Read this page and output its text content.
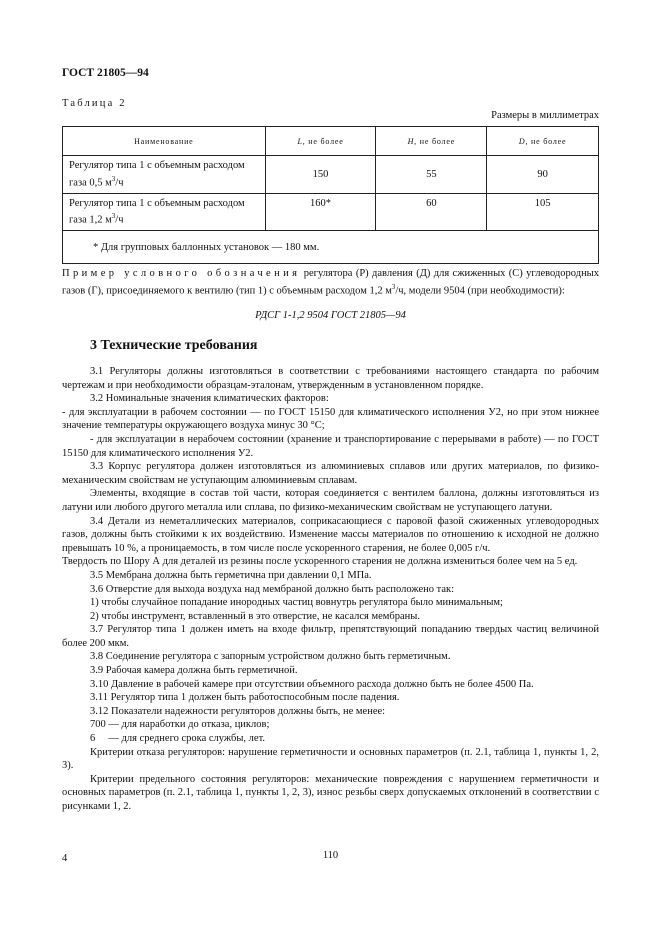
ГОСТ 21805—94
Таблица 2
Размеры в миллиметрах
Наименование	L, не более	H, не более	D, не более
Регулятор типа 1 с объемным расходом газа 0,5 $м^3/ч$	150	55	90
Регулятор типа 1 с объемным расходом газа 1,2 $м^3/ч$	160*	60	105
* Для групповых баллонных установок — 180 мм.			
Пример условного обозначения регулятора (Р) давления (Д) для сжиженных (С) углеводородных газов (Г), присоединяемого к вентилю (тип 1) с объемным расходом 1,2 $м^3/ч$, модели 9504 (при необходимости):
РДСГ 1-1,2 9504 ГОСТ 21805—94
3 Технические требования

3.1 Регуляторы должны изготовляться в соответствии с требованиями настоящего стандарта по рабочим чертежам и при необходимости образцам-эталонам, утвержденным в установленном порядке.

3.2 Номинальные значения климатических факторов:

- для эксплуатации в рабочем состоянии — по ГОСТ 15150 для климатического исполнения У2, но при этом нижнее значение температуры окружающего воздуха минус 30 °С;

- для эксплуатации в нерабочем состоянии (хранение и транспортирование с перерывами в работе) — по ГОСТ 15150 для климатического исполнения У2.

3.3 Корпус регулятора должен изготовляться из алюминиевых сплавов или других материалов, по физико-механическим свойствам не уступающим алюминиевым сплавам.

Элементы, входящие в состав той части, которая соединяется с вентилем баллона, должны изготовляться из латуни или любого другого металла или сплава, по физико-механическим свойствам не уступающего латуни.

3.4 Детали из неметаллических материалов, соприкасающиеся с паровой фазой сжиженных углеводородных газов, должны быть стойкими к их воздействию. Изменение массы материалов по отношению к исходной не должно превышать 10 %, а проницаемость, в том числе после ускоренного старения, не более 0,005 г/ч.

Твердость по Шору А для деталей из резины после ускоренного старения не должна измениться более чем на 5 ед.

3.5 Мембрана должна быть герметична при давлении 0,1 МПа.

3.6 Отверстие для выхода воздуха над мембраной должно быть расположено так:

1) чтобы случайное попадание инородных частиц вовнутрь регулятора было минимальным;

2) чтобы инструмент, вставленный в это отверстие, не касался мембраны.

3.7 Регулятор типа 1 должен иметь на входе фильтр, препятствующий попаданию твердых частиц величиной более 200 мкм.

3.8 Соединение регулятора с запорным устройством должно быть герметичным.

3.9 Рабочая камера должна быть герметичной.

3.10 Давление в рабочей камере при отсутствии объемного расхода должно быть не более 4500 Па.

3.11 Регулятор типа 1 должен быть работоспособным после падения.

3.12 Показатели надежности регуляторов должны быть, не менее:

700 — для наработки до отказа, циклов;

6     — для среднего срока службы, лет.

Критерии отказа регуляторов: нарушение герметичности и основных параметров (п. 2.1, таблица 1, пункты 1, 2, 3).

Критерии предельного состояния регуляторов: механические повреждения с нарушением герметичности и основных параметров (п. 2.1, таблица 1, пункты 1, 2, 3), износ резьбы сверх допускаемых отклонений в соответствии с рисунками 1, 2.

4	110
